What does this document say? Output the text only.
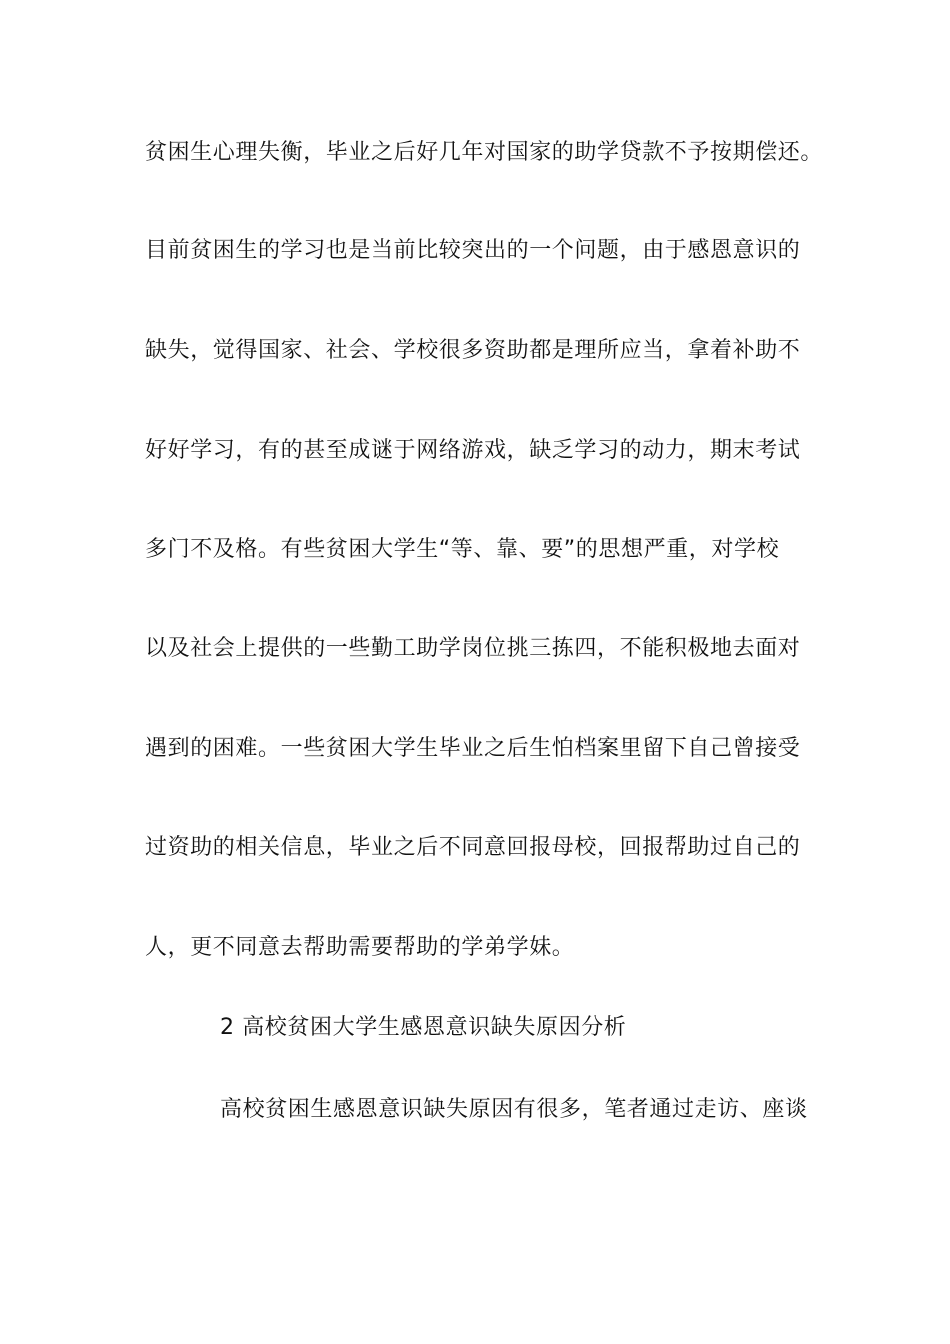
贫困生心理失衡，毕业之后好几年对国家的助学贷款不予按期偿还。
目前贫困生的学习也是当前比较突出的一个问题，由于感恩意识的
缺失，觉得国家、社会、学校很多资助都是理所应当，拿着补助不
好好学习，有的甚至成谜于网络游戏，缺乏学习的动力，期末考试
多门不及格。有些贫困大学生“等、靠、要”的思想严重，对学校
以及社会上提供的一些勤工助学岗位挑三拣四，不能积极地去面对
遇到的困难。一些贫困大学生毕业之后生怕档案里留下自己曾接受
过资助的相关信息，毕业之后不同意回报母校，回报帮助过自己的
人，更不同意去帮助需要帮助的学弟学妹。
2 高校贫困大学生感恩意识缺失原因分析
高校贫困生感恩意识缺失原因有很多，笔者通过走访、座谈
